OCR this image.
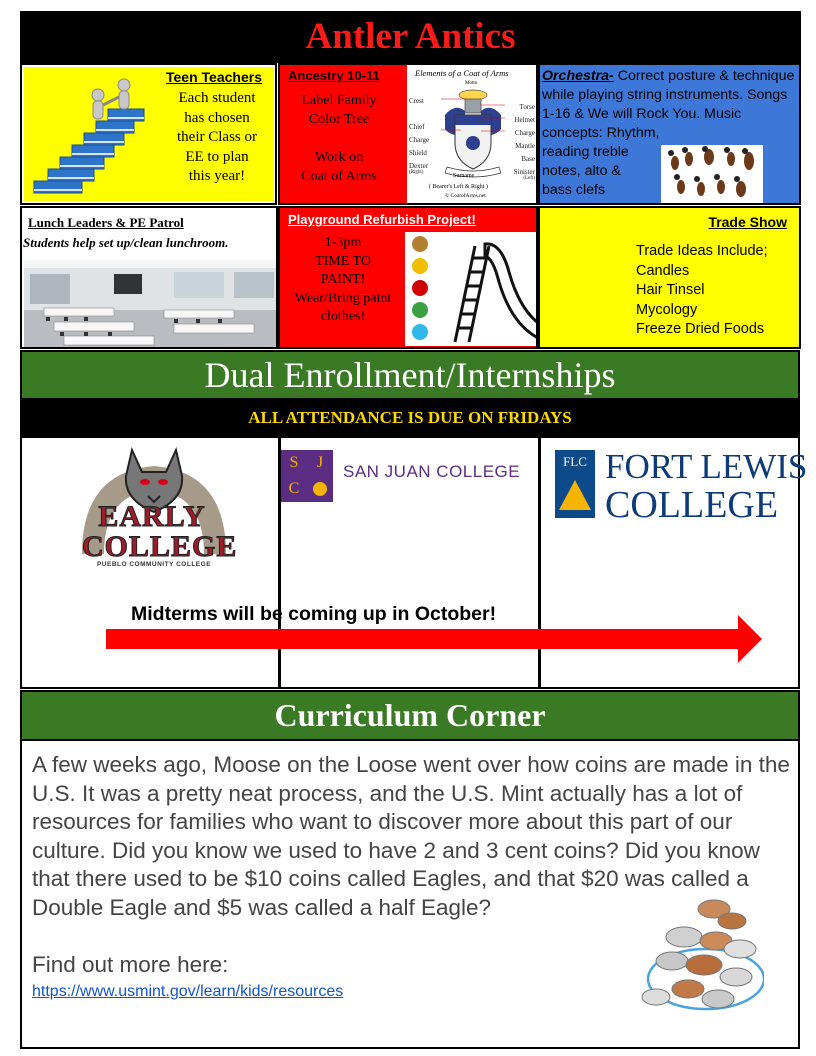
Antler Antics
Teen Teachers
Each student
has chosen
their Class or
EE to plan
this year!
Ancestry 10-11
Label Family
Color Tree
Work on
Coat of Arms
Elements of a Coat of Arms
Motto
Crest
Chief
Charge
Shield
Dexter
(Right)
Torse
Helmet
Charge
Mantle
Base
Sinister
(Left)
Surname
( Bearer's Left & Right )
© CoatofArms.net
Orchestra- Correct posture & technique while playing string instruments. Songs 1-16 & We will Rock You. Music concepts: Rhythm,
reading treble
notes, alto &
bass clefs
Lunch Leaders & PE Patrol
Students help set up/clean lunchroom.
Playground Refurbish Project!
1-3pm
TIME TO
PAINT!
Wear/Bring paint
clothes!
Trade Show
Trade Ideas Include;
Candles
Hair Tinsel
Mycology
Freeze Dried Foods
Dual Enrollment/Internships
ALL ATTENDANCE IS DUE ON FRIDAYS
EARLY
COLLEGE
PUEBLO COMMUNITY COLLEGE
S	J
C
SAN JUAN COLLEGE
FLC FORT LEWIS
COLLEGE
Midterms will be coming up in October!
Curriculum Corner
A few weeks ago, Moose on the Loose went over how coins are made in the U.S. It was a pretty neat process, and the U.S. Mint actually has a lot of resources for families who want to discover more about this part of our culture. Did you know we used to have 2 and 3 cent coins? Did you know that there used to be $10 coins called Eagles, and that $20 was called a Double Eagle and $5 was called a half Eagle?
Find out more here:
https://www.usmint.gov/learn/kids/resources
